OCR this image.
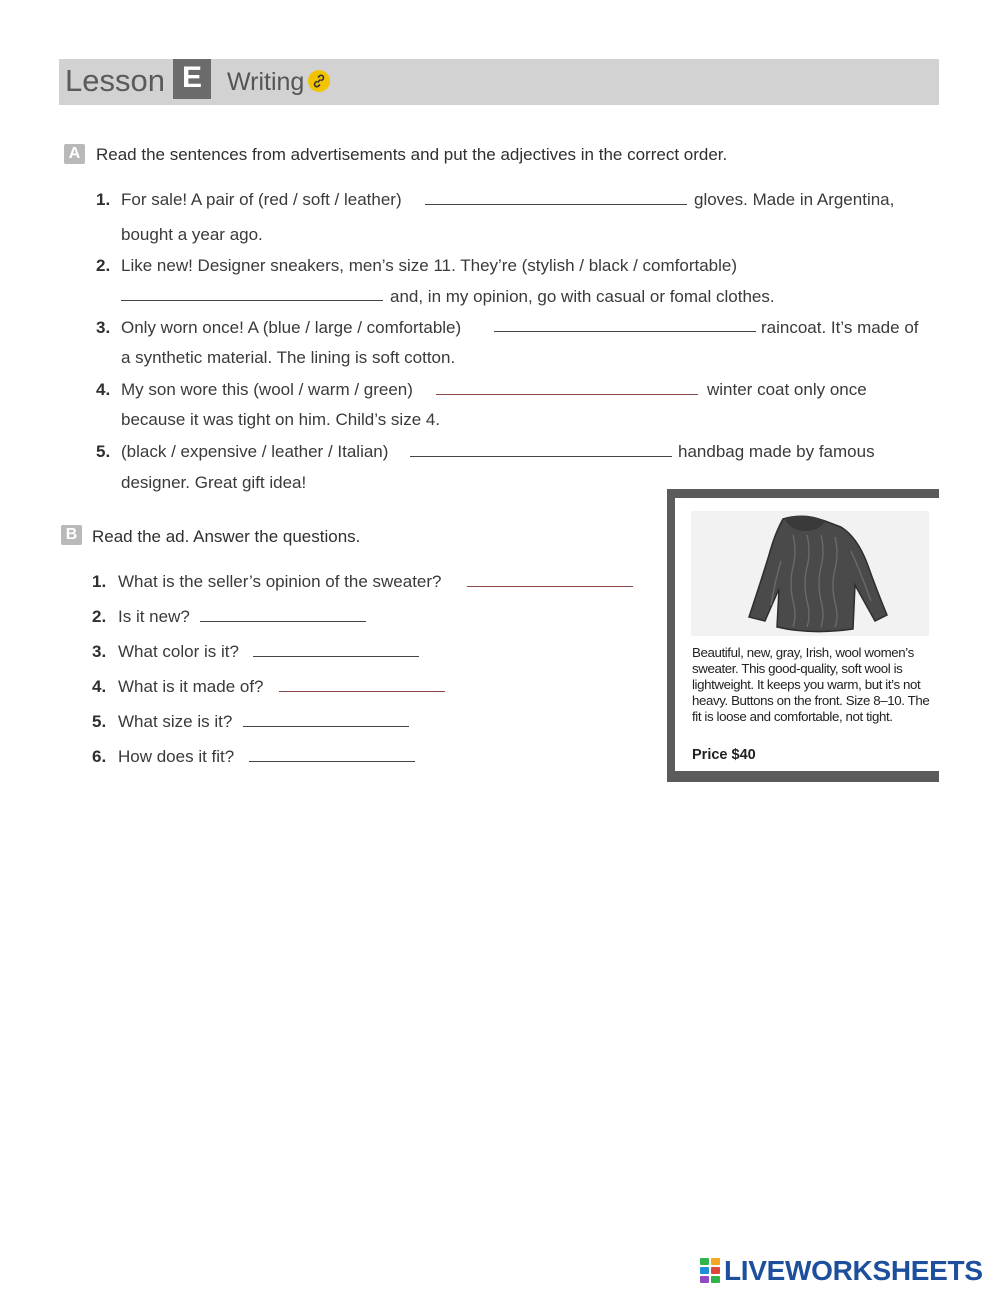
Lesson E	Writing
A Read the sentences from advertisements and put the adjectives in the correct order.
1. For sale! A pair of (red / soft / leather)	gloves. Made in Argentina,
bought a year ago.
2. Like new! Designer sneakers, men’s size 11. They’re (stylish / black / comfortable)
and, in my opinion, go with casual or fomal clothes.
3. Only worn once! A (blue / large / comfortable)	raincoat. It’s made of
a synthetic material. The lining is soft cotton.
4. My son wore this (wool / warm / green)	winter coat only once
because it was tight on him. Child’s size 4.
5. (black / expensive / leather / Italian)	handbag made by famous
designer. Great gift idea!
B Read the ad. Answer the questions.
1. What is the seller’s opinion of the sweater?
2. Is it new?
3. What color is it?
4. What is it made of?
5. What size is it?
6. How does it fit?
Beautiful, new, gray, Irish, wool women’s sweater. This good-quality, soft wool is lightweight. It keeps you warm, but it’s not heavy. Buttons on the front. Size 8–10. The fit is loose and comfortable, not tight.
Price $40
LIVEWORKSHEETS
